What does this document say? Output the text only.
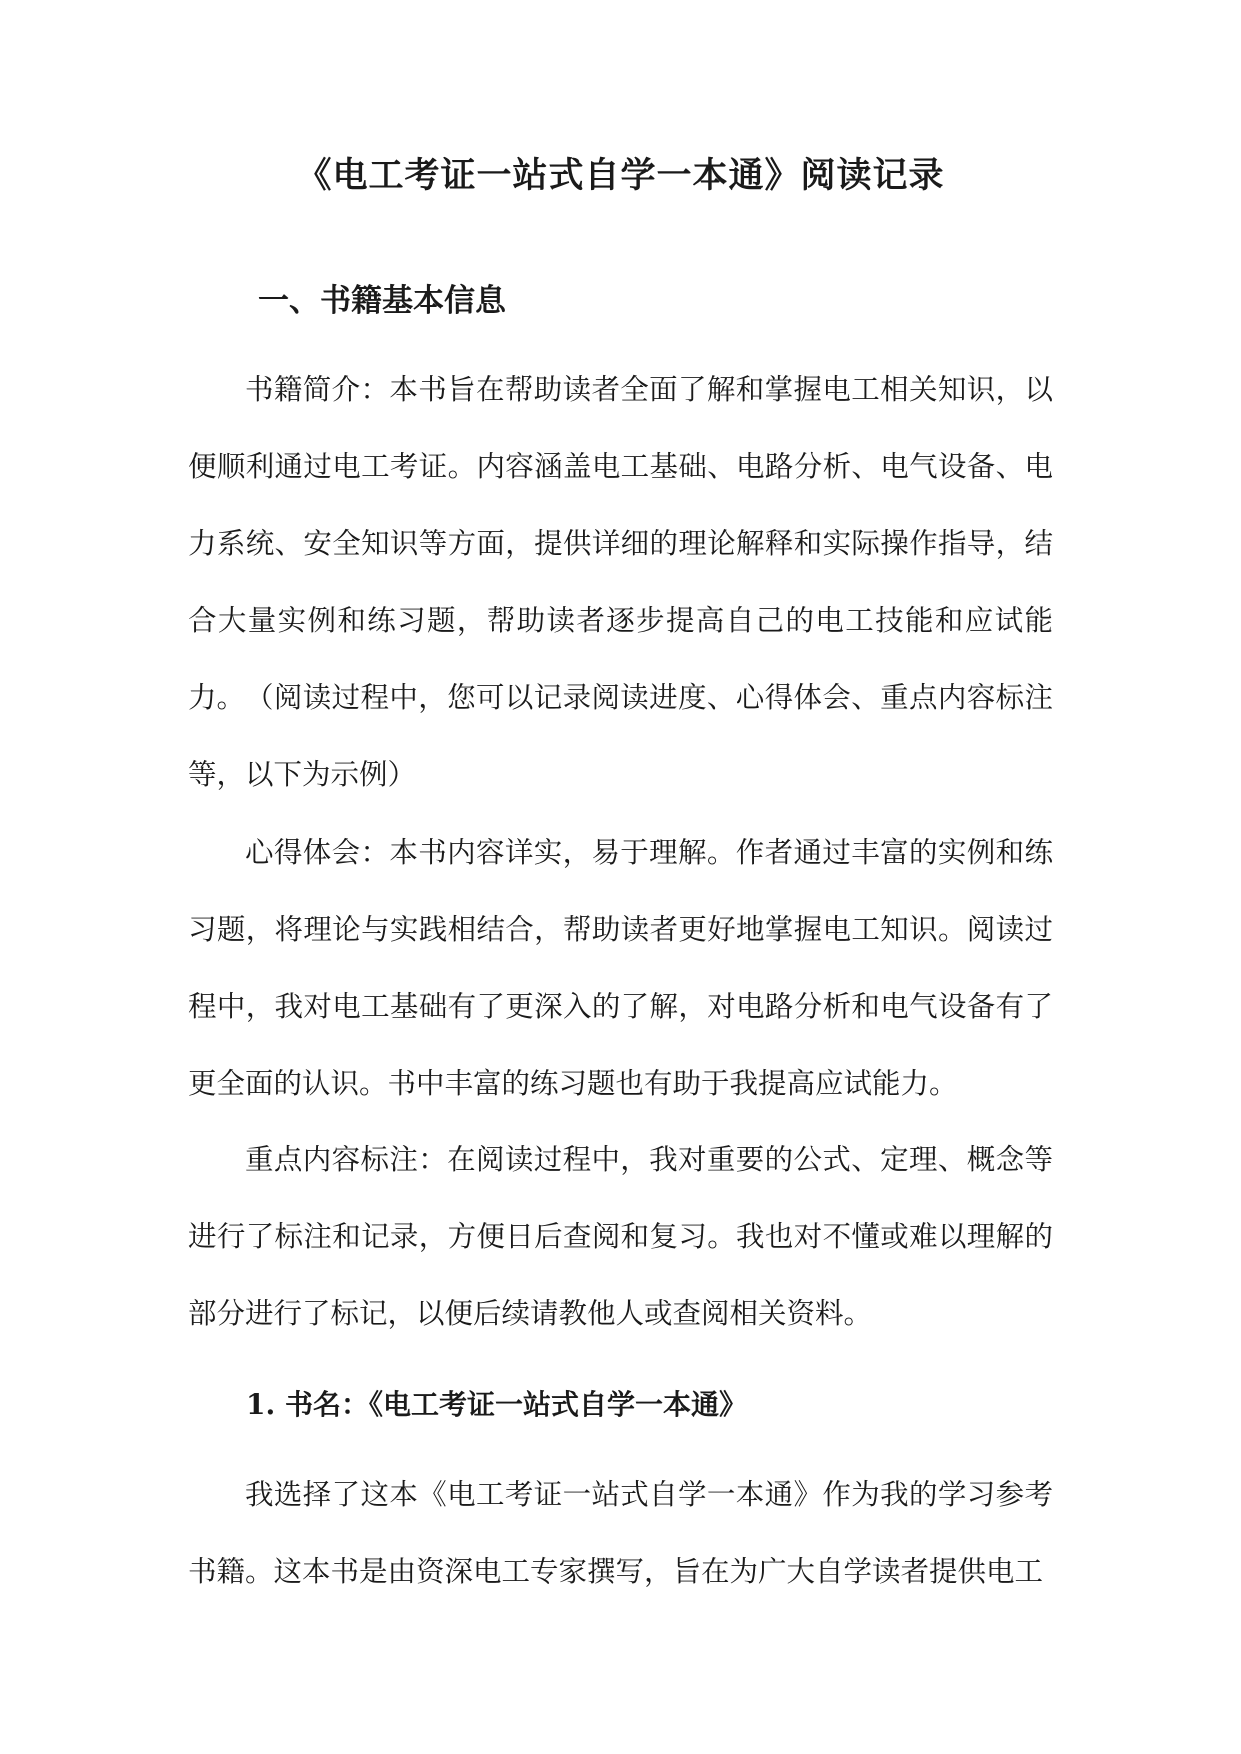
《电工考证一站式自学一本通》阅读记录
一、书籍基本信息

书籍简介：本书旨在帮助读者全面了解和掌握电工相关知识，以便顺利通过电工考证。内容涵盖电工基础、电路分析、电气设备、电力系统、安全知识等方面，提供详细的理论解释和实际操作指导，结合大量实例和练习题，帮助读者逐步提高自己的电工技能和应试能力。 （阅读过程中，您可以记录阅读进度、心得体会、重点内容标注等，以下为示例）

心得体会：本书内容详实，易于理解。作者通过丰富的实例和练习题，将理论与实践相结合，帮助读者更好地掌握电工知识。阅读过程中，我对电工基础有了更深入的了解，对电路分析和电气设备有了更全面的认识。书中丰富的练习题也有助于我提高应试能力。

重点内容标注：在阅读过程中，我对重要的公式、定理、概念等进行了标注和记录，方便日后查阅和复习。我也对不懂或难以理解的部分进行了标记，以便后续请教他人或查阅相关资料。

1. 书名：《电工考证一站式自学一本通》

我选择了这本《电工考证一站式自学一本通》作为我的学习参考书籍。这本书是由资深电工专家撰写，旨在为广大自学读者提供电工
